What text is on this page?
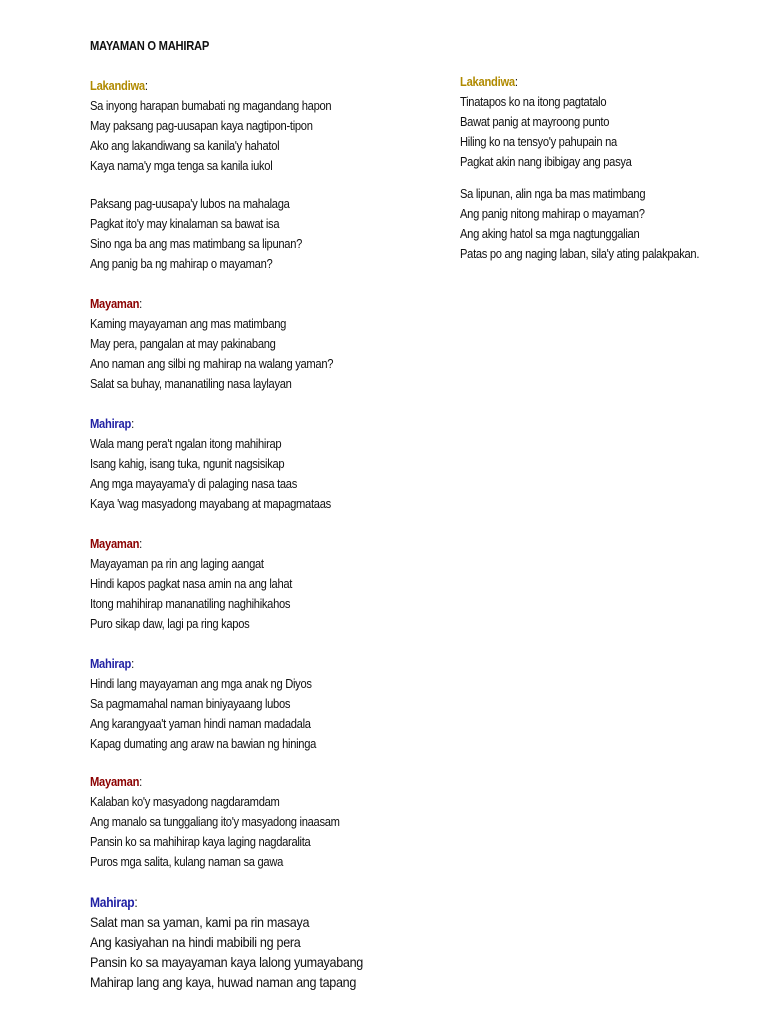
MAYAMAN O MAHIRAP
Lakandiwa:
Sa inyong harapan bumabati ng magandang hapon
May paksang pag-uusapan kaya nagtipon-tipon
Ako ang lakandiwang sa kanila'y hahatol
Kaya nama'y mga tenga sa kanila iukol
Paksang pag-uusapa'y lubos na mahalaga
Pagkat ito'y may kinalaman sa bawat isa
Sino nga ba ang mas matimbang sa lipunan?
Ang panig ba ng mahirap o mayaman?
Mayaman:
Kaming mayayaman ang mas matimbang
May pera, pangalan at may pakinabang
Ano naman ang silbi ng mahirap na walang yaman?
Salat sa buhay, mananatiling nasa laylayan
Mahirap:
Wala mang pera't ngalan itong mahihirap
Isang kahig, isang tuka, ngunit nagsisikap
Ang mga mayayama'y di palaging nasa taas
Kaya 'wag masyadong mayabang at mapagmataas
Mayaman:
Mayayaman pa rin ang laging aangat
Hindi kapos pagkat nasa amin na ang lahat
Itong mahihirap mananatiling naghihikahos
Puro sikap daw, lagi pa ring kapos
Mahirap:
Hindi lang mayayaman ang mga anak ng Diyos
Sa pagmamahal naman biniyayaang lubos
Ang karangyaa't yaman hindi naman madadala
Kapag dumating ang araw na bawian ng hininga
Mayaman:
Kalaban ko'y masyadong nagdaramdam
Ang manalo sa tunggaliang ito'y masyadong inaasam
Pansin ko sa mahihirap kaya laging nagdaralita
Puros mga salita, kulang naman sa gawa
Mahirap:
Salat man sa yaman, kami pa rin masaya
Ang kasiyahan na hindi mabibili ng pera
Pansin ko sa mayayaman kaya lalong yumayabang
Mahirap lang ang kaya, huwad naman ang tapang
Lakandiwa:
Tinatapos ko na itong pagtatalo
Bawat panig at mayroong punto
Hiling ko na tensyo'y pahupain na
Pagkat akin nang ibibigay ang pasya
Sa lipunan, alin nga ba mas matimbang
Ang panig nitong mahirap o mayaman?
Ang aking hatol sa mga nagtunggalian
Patas po ang naging laban, sila'y ating palakpakan.
